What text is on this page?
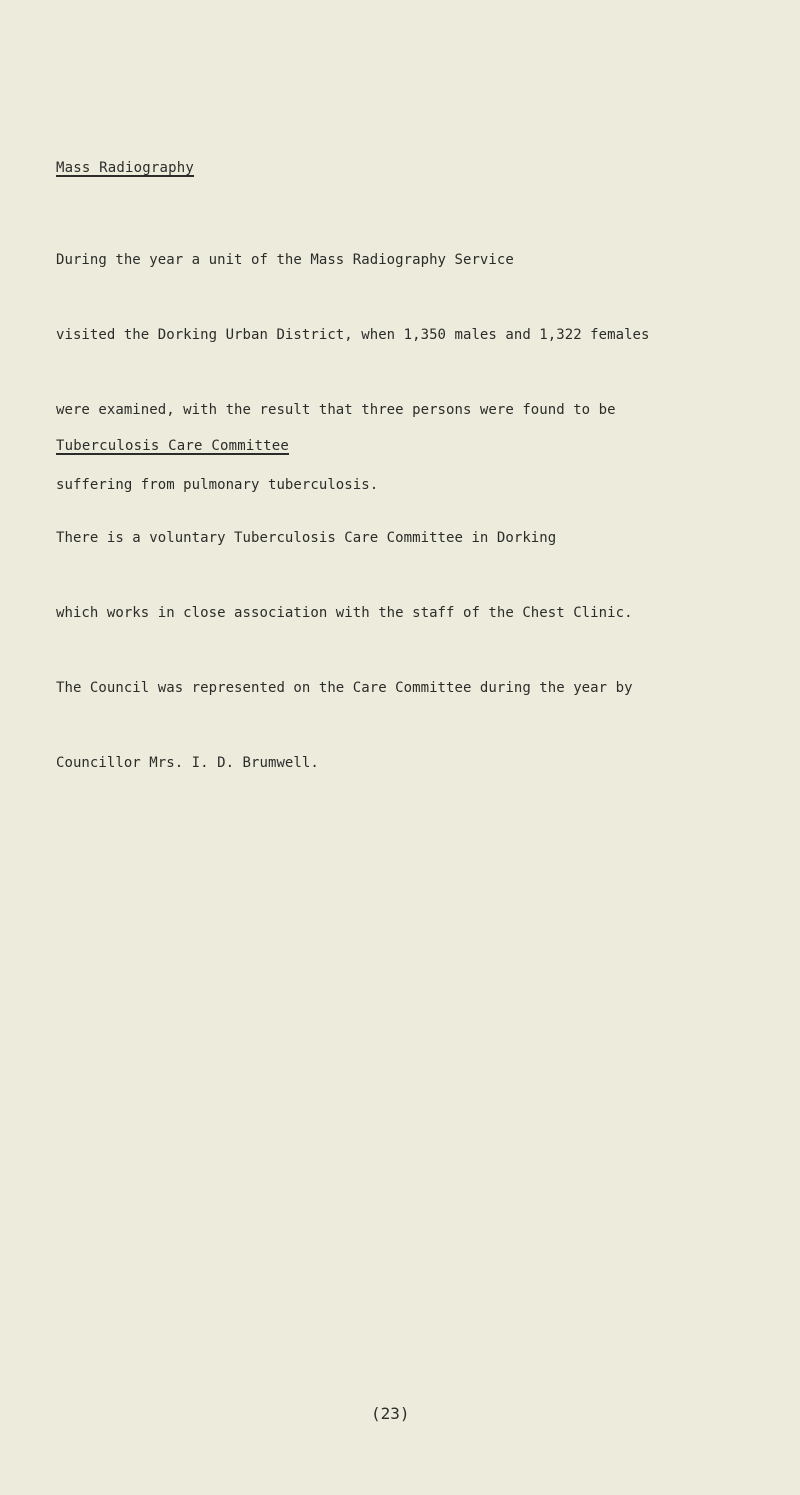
Mass Radiography

During the year a unit of the Mass Radiography Service

visited the Dorking Urban District, when 1,350 males and 1,322 females

were examined, with the result that three persons were found to be

suffering from pulmonary tuberculosis.

Tuberculosis Care Committee

There is a voluntary Tuberculosis Care Committee in Dorking

which works in close association with the staff of the Chest Clinic.

The Council was represented on the Care Committee during the year by

Councillor Mrs. I. D. Brumwell.

(23)
